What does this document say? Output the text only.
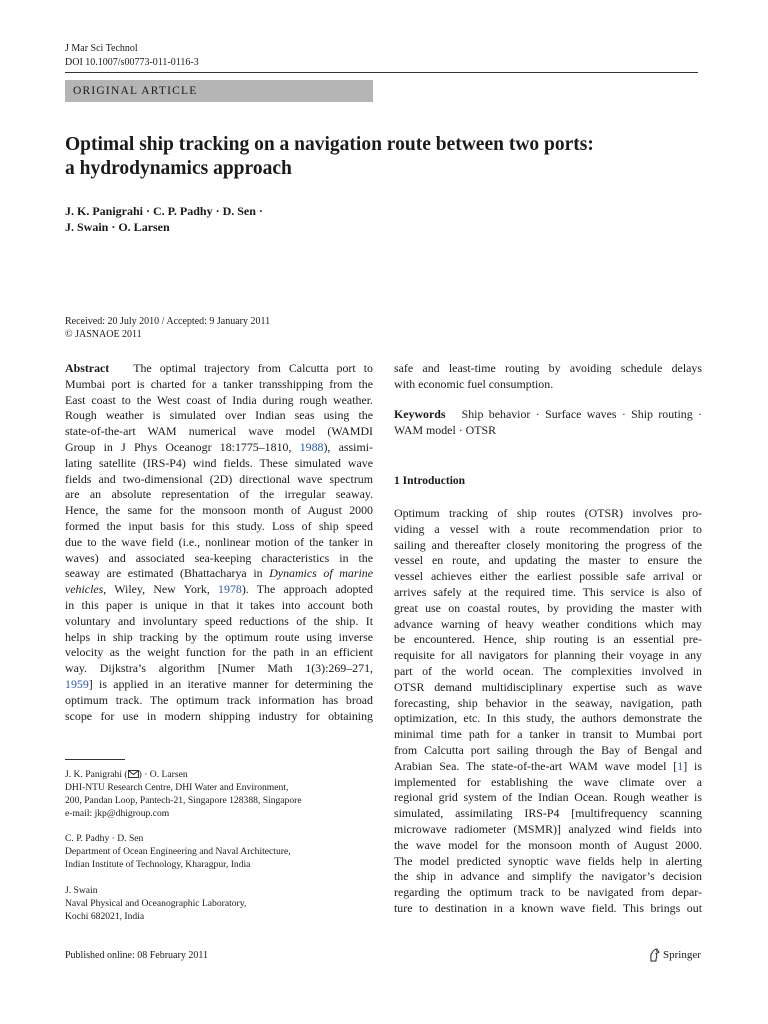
J Mar Sci Technol
DOI 10.1007/s00773-011-0116-3
ORIGINAL ARTICLE
Optimal ship tracking on a navigation route between two ports:
a hydrodynamics approach
J. K. Panigrahi · C. P. Padhy · D. Sen ·
J. Swain · O. Larsen
Received: 20 July 2010 / Accepted: 9 January 2011
© JASNAOE 2011
Abstract The optimal trajectory from Calcutta port to
Mumbai port is charted for a tanker transshipping from the
East coast to the West coast of India during rough weather.
Rough weather is simulated over Indian seas using the
state-of-the-art WAM numerical wave model (WAMDI
Group in J Phys Oceanogr 18:1775–1810, 1988), assimi-
lating satellite (IRS-P4) wind fields. These simulated wave
fields and two-dimensional (2D) directional wave spectrum
are an absolute representation of the irregular seaway.
Hence, the same for the monsoon month of August 2000
formed the input basis for this study. Loss of ship speed
due to the wave field (i.e., nonlinear motion of the tanker in
waves) and associated sea-keeping characteristics in the
seaway are estimated (Bhattacharya in Dynamics of marine
vehicles, Wiley, New York, 1978). The approach adopted
in this paper is unique in that it takes into account both
voluntary and involuntary speed reductions of the ship. It
helps in ship tracking by the optimum route using inverse
velocity as the weight function for the path in an efficient
way. Dijkstra’s algorithm [Numer Math 1(3):269–271,
1959] is applied in an iterative manner for determining the
optimum track. The optimum track information has broad
scope for use in modern shipping industry for obtaining
safe and least-time routing by avoiding schedule delays
with economic fuel consumption.
Keywords Ship behavior · Surface waves · Ship routing ·
WAM model · OTSR
1 Introduction
Optimum tracking of ship routes (OTSR) involves pro-
viding a vessel with a route recommendation prior to
sailing and thereafter closely monitoring the progress of the
vessel en route, and updating the master to ensure the
vessel achieves either the earliest possible safe arrival or
arrives safely at the required time. This service is also of
great use on coastal routes, by providing the master with
advance warning of heavy weather conditions which may
be encountered. Hence, ship routing is an essential pre-
requisite for all navigators for planning their voyage in any
part of the world ocean. The complexities involved in
OTSR demand multidisciplinary expertise such as wave
forecasting, ship behavior in the seaway, navigation, path
optimization, etc. In this study, the authors demonstrate the
minimal time path for a tanker in transit to Mumbai port
from Calcutta port sailing through the Bay of Bengal and
Arabian Sea. The state-of-the-art WAM wave model [1] is
implemented for establishing the wave climate over a
regional grid system of the Indian Ocean. Rough weather is
simulated, assimilating IRS-P4 [multifrequency scanning
microwave radiometer (MSMR)] analyzed wind fields into
the wave model for the monsoon month of August 2000.
The model predicted synoptic wave fields help in alerting
the ship in advance and simplify the navigator’s decision
regarding the optimum track to be navigated from depar-
ture to destination in a known wave field. This brings out
J. K. Panigrahi ( ) · O. Larsen
DHI-NTU Research Centre, DHI Water and Environment,
200, Pandan Loop, Pantech-21, Singapore 128388, Singapore
e-mail: jkp@dhigroup.com
C. P. Padhy · D. Sen
Department of Ocean Engineering and Naval Architecture,
Indian Institute of Technology, Kharagpur, India
J. Swain
Naval Physical and Oceanographic Laboratory,
Kochi 682021, India
Published online: 08 February 2011	Springer
